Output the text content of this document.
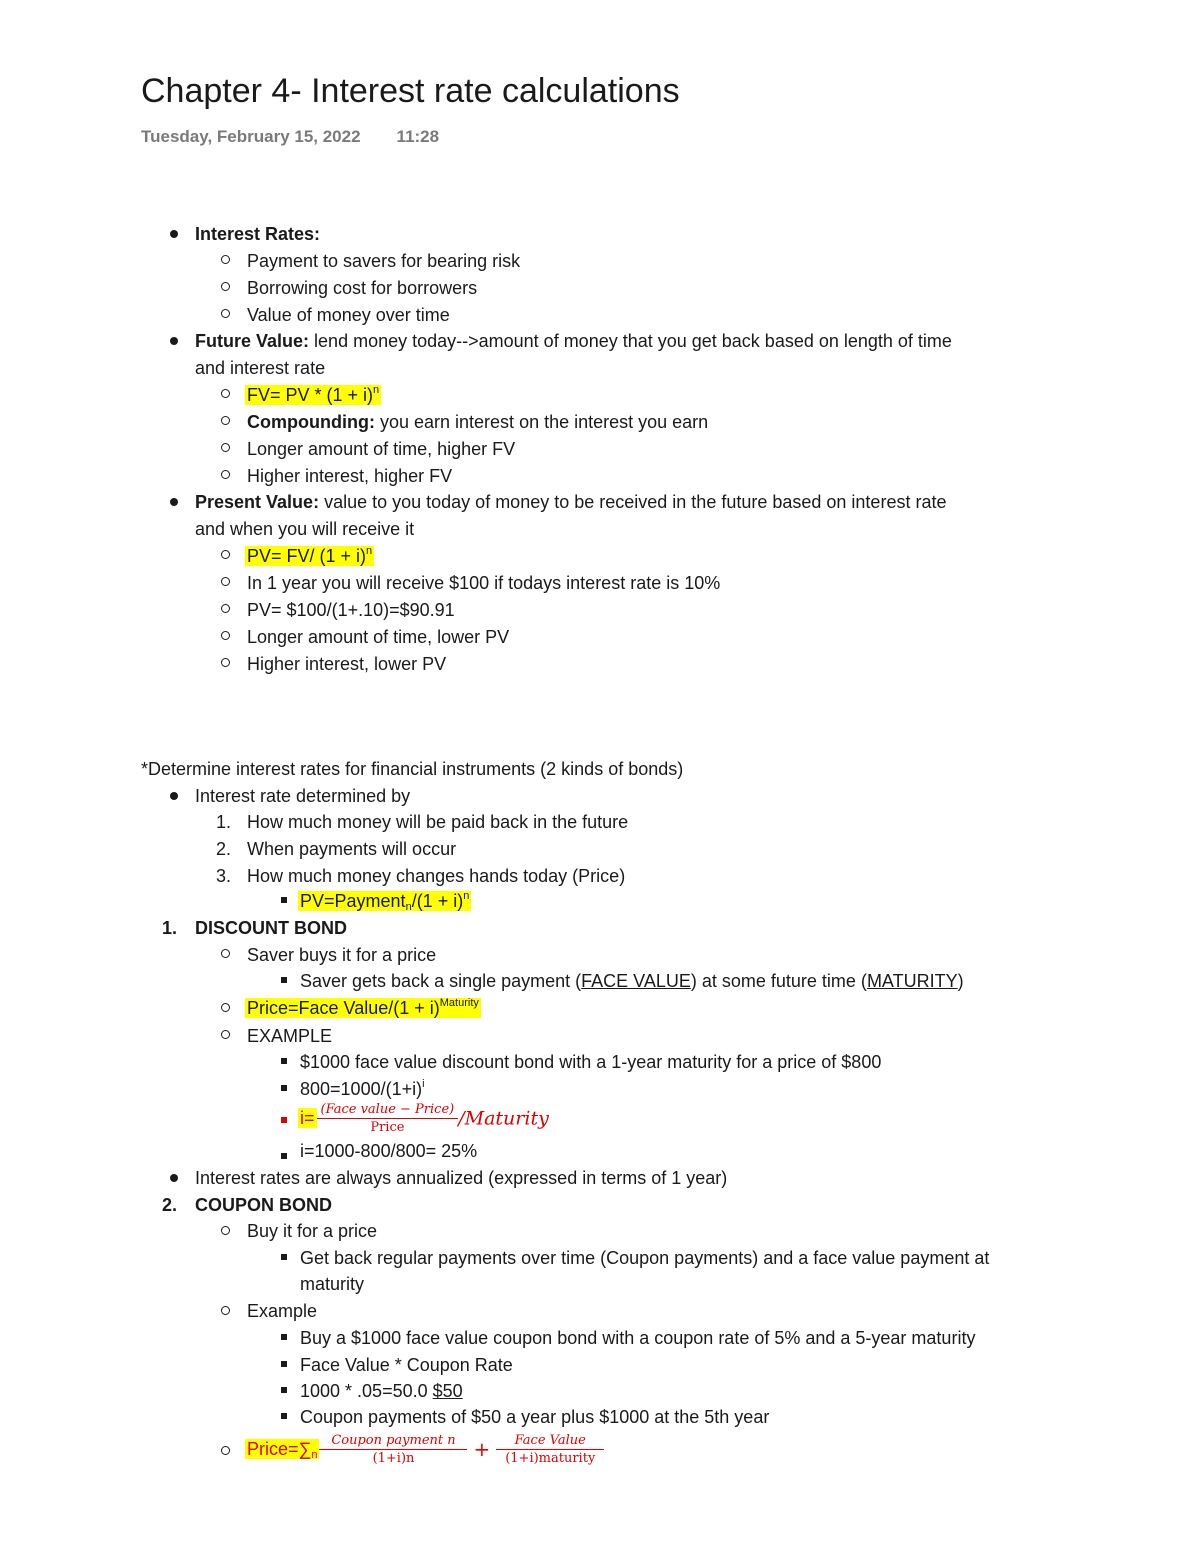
Chapter 4- Interest rate calculations
Tuesday, February 15, 2022 11:28
Interest Rates:
Payment to savers for bearing risk
Borrowing cost for borrowers
Value of money over time
Future Value: lend money today-->amount of money that you get back based on length of time
and interest rate
FV= PV * $(1 + i)^n$
Compounding: you earn interest on the interest you earn
Longer amount of time, higher FV
Higher interest, higher FV
Present Value: value to you today of money to be received in the future based on interest rate
and when you will receive it
PV= FV/ $(1 + i)^n$
In 1 year you will receive $100 if todays interest rate is 10%
PV= $100/(1+.10)=$90.91
Longer amount of time, lower PV
Higher interest, lower PV
*Determine interest rates for financial instruments (2 kinds of bonds)
Interest rate determined by
1. How much money will be paid back in the future
2. When payments will occur
3. How much money changes hands today (Price)
PV=Payment$_n$/(1 + i)$^n$
1. DISCOUNT BOND
Saver buys it for a price
Saver gets back a single payment (FACE VALUE) at some future time (MATURITY)
Price=Face Value/(1 + i)$^{Maturity}$
EXAMPLE
$1000 face value discount bond with a 1-year maturity for a price of $800
$800=1000/(1+i)^i$
$i= \frac{\text{(Face value − Price)}}{\text{Price}}$ /Maturity
i=1000-800/800= 25%
Interest rates are always annualized (expressed in terms of 1 year)
2. COUPON BOND
Buy it for a price
Get back regular payments over time (Coupon payments) and a face value payment at
maturity
Example
Buy a $1000 face value coupon bond with a coupon rate of 5% and a 5-year maturity
Face Value * Coupon Rate
1000 * .05=50.0 $50
Coupon payments of $50 a year plus $1000 at the 5th year
$Price=\sum_n \frac{\text{Coupon payment n}}{(1+i)n} + \frac{\text{Face Value}}{\text{(1+i)maturity}}$
